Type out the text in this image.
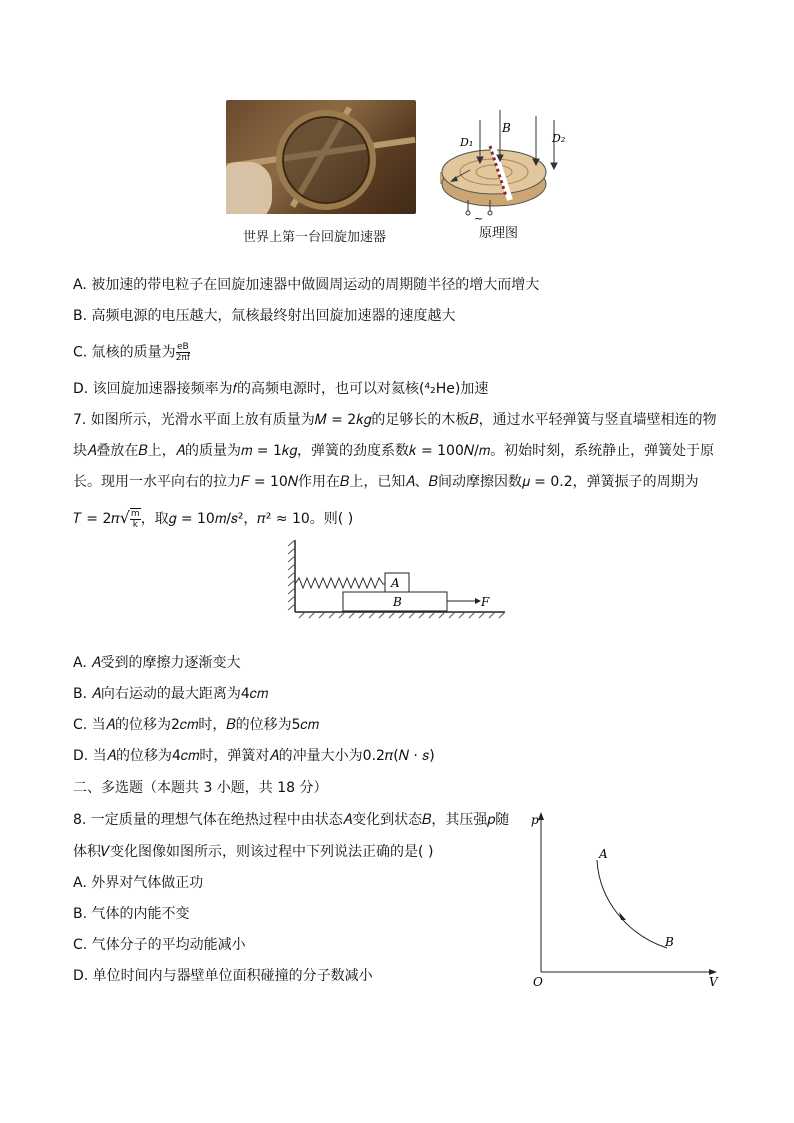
世界上第一台回旋加速器
B
D₁	D₂
~
原理图
A. 被加速的带电粒子在回旋加速器中做圆周运动的周期随半径的增大而增大
B. 高频电源的电压越大，氚核最终射出回旋加速器的速度越大
C. 氚核的质量为 $\frac{eB}{2\pi f}$
D. 该回旋加速器接频率为𝑓的高频电源时，也可以对氦核(⁴₂He)加速
7. 如图所示，光滑水平面上放有质量为𝑀 = 2𝑘𝑔的足够长的木板𝐵，通过水平轻弹簧与竖直墙壁相连的物
块𝐴叠放在𝐵上，𝐴的质量为𝑚 = 1𝑘𝑔，弹簧的劲度系数𝑘 = 100𝑁/𝑚。初始时刻，系统静止，弹簧处于原
长。现用一水平向右的拉力𝐹 = 10𝑁作用在𝐵上，已知𝐴、𝐵间动摩擦因数𝜇 = 0.2，弹簧振子的周期为
𝑇 = 2𝜋√ $\frac{m}{k}$ ，取𝑔 = 10𝑚/𝑠²，𝜋² ≈ 10。则( )
A
B	F
A. 𝐴受到的摩擦力逐渐变大
B. 𝐴向右运动的最大距离为4𝑐𝑚
C. 当𝐴的位移为2𝑐𝑚时，𝐵的位移为5𝑐𝑚
D. 当𝐴的位移为4𝑐𝑚时，弹簧对𝐴的冲量大小为0.2𝜋(𝑁 · 𝑠)
二、多选题（本题共 3 小题，共 18 分）
8. 一定质量的理想气体在绝热过程中由状态𝐴变化到状态𝐵，其压强𝑝随
体积𝑉变化图像如图所示，则该过程中下列说法正确的是( )
A. 外界对气体做正功
B. 气体的内能不变
C. 气体分子的平均动能减小
D. 单位时间内与器壁单位面积碰撞的分子数减小
p
V
O
A
B
